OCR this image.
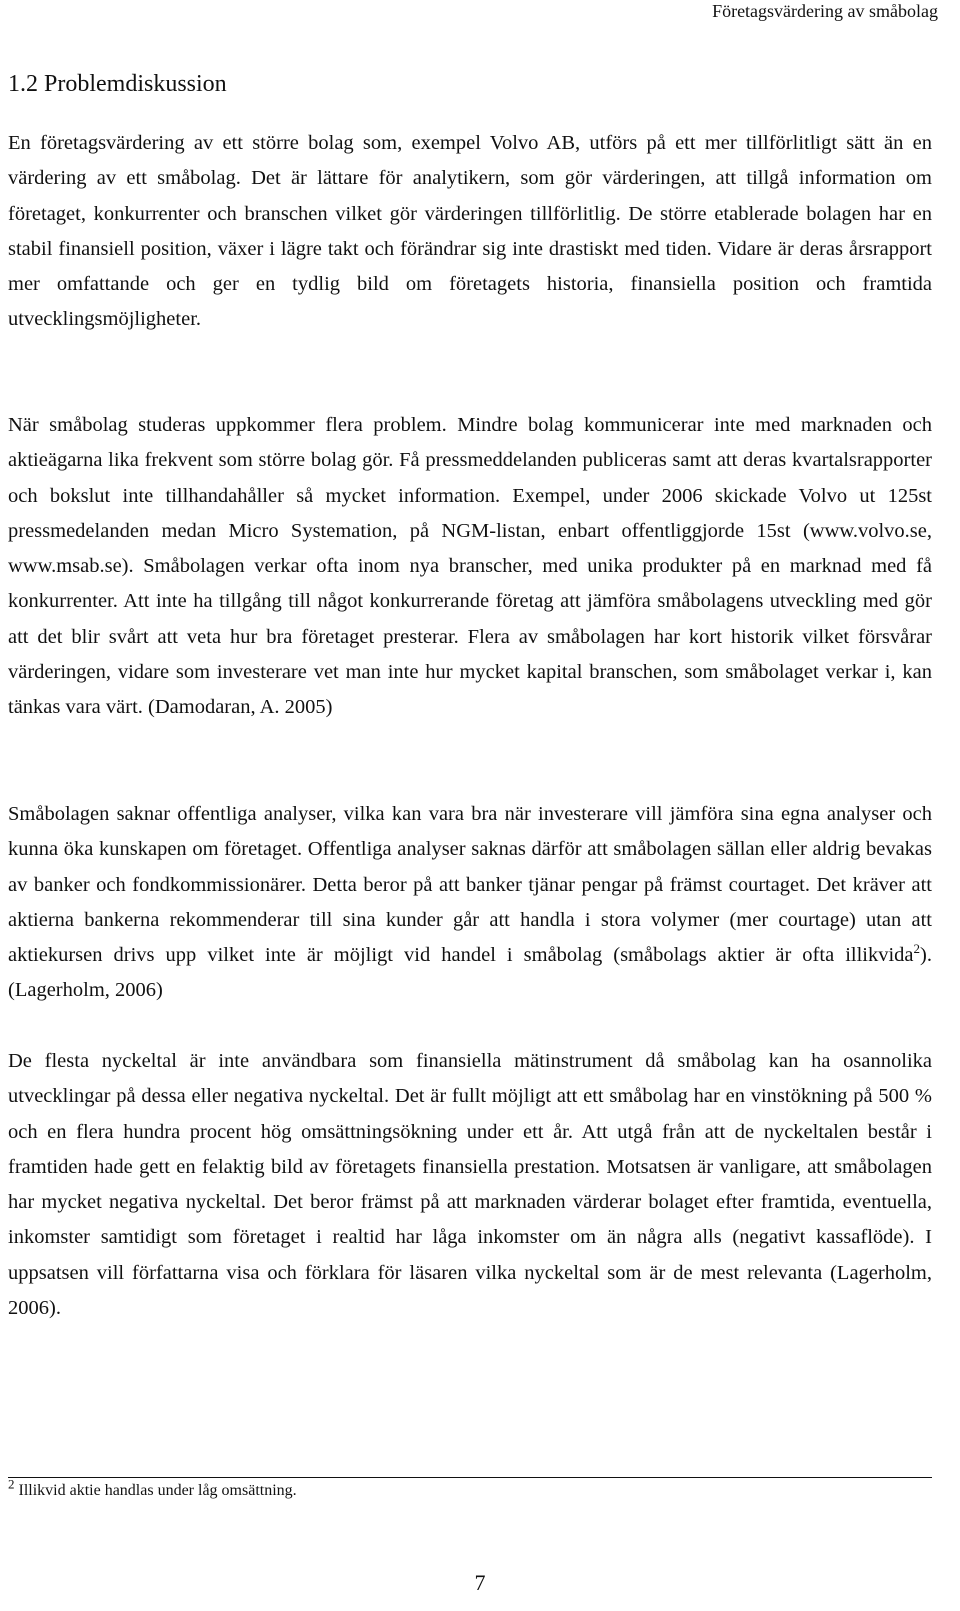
Företagsvärdering av småbolag
1.2 Problemdiskussion

En företagsvärdering av ett större bolag som, exempel Volvo AB, utförs på ett mer tillförlitligt sätt än en värdering av ett småbolag. Det är lättare för analytikern, som gör värderingen, att tillgå information om företaget, konkurrenter och branschen vilket gör värderingen tillförlitlig. De större etablerade bolagen har en stabil finansiell position, växer i lägre takt och förändrar sig inte drastiskt med tiden. Vidare är deras årsrapport mer omfattande och ger en tydlig bild om företagets historia, finansiella position och framtida utvecklingsmöjligheter.

När småbolag studeras uppkommer flera problem. Mindre bolag kommunicerar inte med marknaden och aktieägarna lika frekvent som större bolag gör. Få pressmeddelanden publiceras samt att deras kvartalsrapporter och bokslut inte tillhandahåller så mycket information. Exempel, under 2006 skickade Volvo ut 125st pressmedelanden medan Micro Systemation, på NGM-listan, enbart offentliggjorde 15st (www.volvo.se, www.msab.se). Småbolagen verkar ofta inom nya branscher, med unika produkter på en marknad med få konkurrenter. Att inte ha tillgång till något konkurrerande företag att jämföra småbolagens utveckling med gör att det blir svårt att veta hur bra företaget presterar. Flera av småbolagen har kort historik vilket försvårar värderingen, vidare som investerare vet man inte hur mycket kapital branschen, som småbolaget verkar i, kan tänkas vara värt. (Damodaran, A. 2005)

Småbolagen saknar offentliga analyser, vilka kan vara bra när investerare vill jämföra sina egna analyser och kunna öka kunskapen om företaget. Offentliga analyser saknas därför att småbolagen sällan eller aldrig bevakas av banker och fondkommissionärer. Detta beror på att banker tjänar pengar på främst courtaget. Det kräver att aktierna bankerna rekommenderar till sina kunder går att handla i stora volymer (mer courtage) utan att aktiekursen drivs upp vilket inte är möjligt vid handel i småbolag (småbolags aktier är ofta illikvida$^2$). (Lagerholm, 2006)

De flesta nyckeltal är inte användbara som finansiella mätinstrument då småbolag kan ha osannolika utvecklingar på dessa eller negativa nyckeltal. Det är fullt möjligt att ett småbolag har en vinstökning på 500 % och en flera hundra procent hög omsättningsökning under ett år. Att utgå från att de nyckeltalen består i framtiden hade gett en felaktig bild av företagets finansiella prestation. Motsatsen är vanligare, att småbolagen har mycket negativa nyckeltal. Det beror främst på att marknaden värderar bolaget efter framtida, eventuella, inkomster samtidigt som företaget i realtid har låga inkomster om än några alls (negativt kassaflöde). I uppsatsen vill författarna visa och förklara för läsaren vilka nyckeltal som är de mest relevanta (Lagerholm, 2006).

$^2$ Illikvid aktie handlas under låg omsättning.

7
